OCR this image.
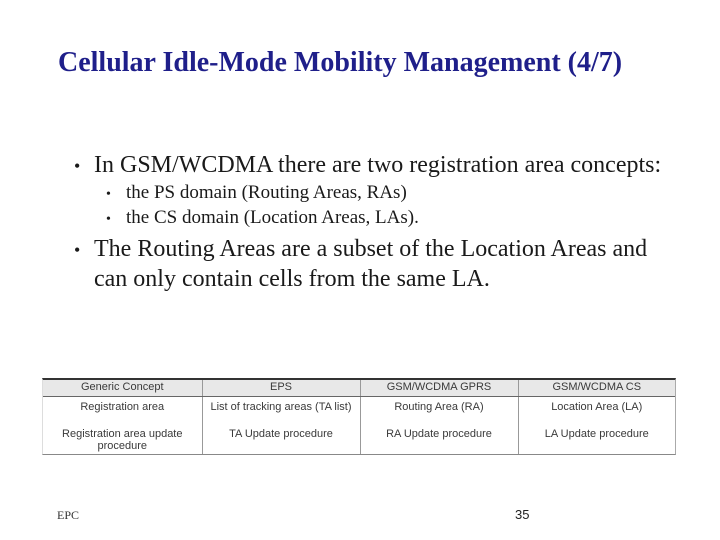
Cellular Idle-Mode Mobility Management (4/7)
• In GSM/WCDMA there are two registration area concepts:
• the PS domain (Routing Areas, RAs)
• the CS domain (Location Areas, LAs).
• The Routing Areas are a subset of the Location Areas and can only contain cells from the same LA.
Generic Concept	EPS	GSM/WCDMA GPRS	GSM/WCDMA CS
Registration area	List of tracking areas (TA list)	Routing Area (RA)	Location Area (LA)
Registration area update procedure	TA Update procedure	RA Update procedure	LA Update procedure
EPC	35
